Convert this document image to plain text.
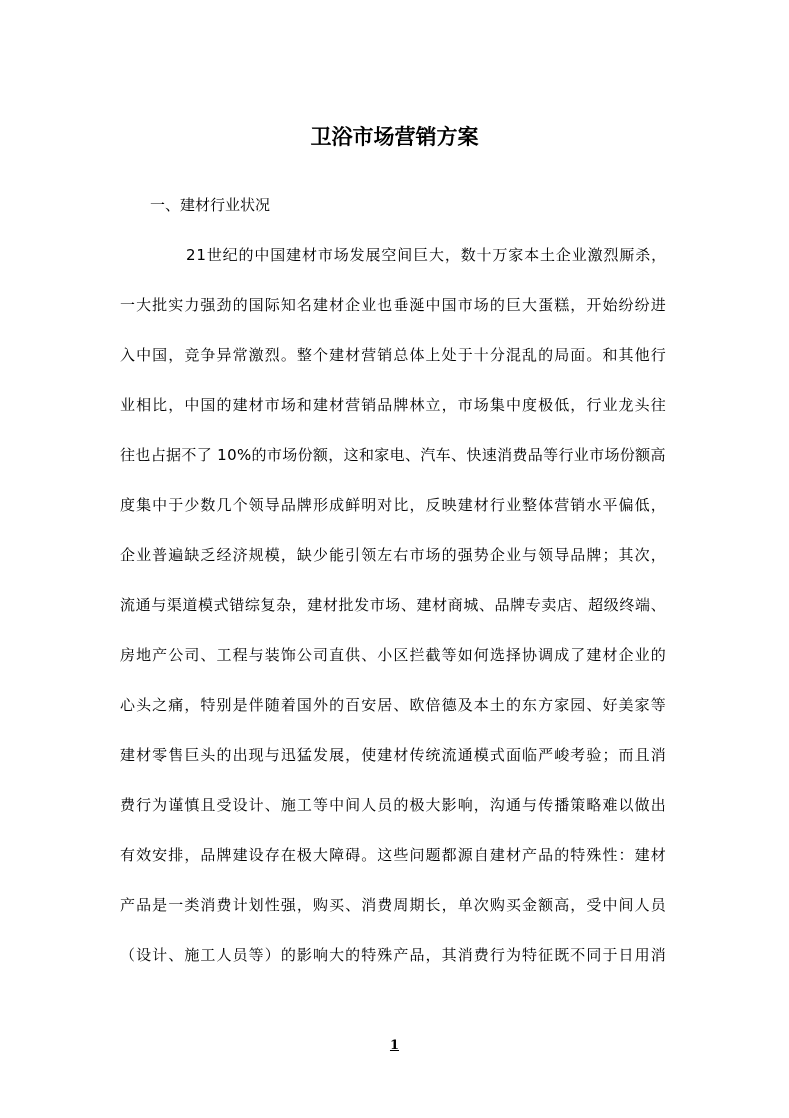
卫浴市场营销方案

一、建材行业状况

21世纪的中国建材市场发展空间巨大，数十万家本土企业激烈厮杀，

一大批实力强劲的国际知名建材企业也垂涎中国市场的巨大蛋糕，开始纷纷进

入中国，竞争异常激烈。整个建材营销总体上处于十分混乱的局面。和其他行

业相比，中国的建材市场和建材营销品牌林立，市场集中度极低，行业龙头往

往也占据不了 10%的市场份额，这和家电、汽车、快速消费品等行业市场份额高

度集中于少数几个领导品牌形成鲜明对比，反映建材行业整体营销水平偏低，

企业普遍缺乏经济规模，缺少能引领左右市场的强势企业与领导品牌；其次，

流通与渠道模式错综复杂，建材批发市场、建材商城、品牌专卖店、超级终端、

房地产公司、工程与装饰公司直供、小区拦截等如何选择协调成了建材企业的

心头之痛，特别是伴随着国外的百安居、欧倍德及本土的东方家园、好美家等

建材零售巨头的出现与迅猛发展，使建材传统流通模式面临严峻考验；而且消

费行为谨慎且受设计、施工等中间人员的极大影响，沟通与传播策略难以做出

有效安排，品牌建设存在极大障碍。这些问题都源自建材产品的特殊性：建材

产品是一类消费计划性强，购买、消费周期长，单次购买金额高，受中间人员

（设计、施工人员等）的影响大的特殊产品，其消费行为特征既不同于日用消

1
